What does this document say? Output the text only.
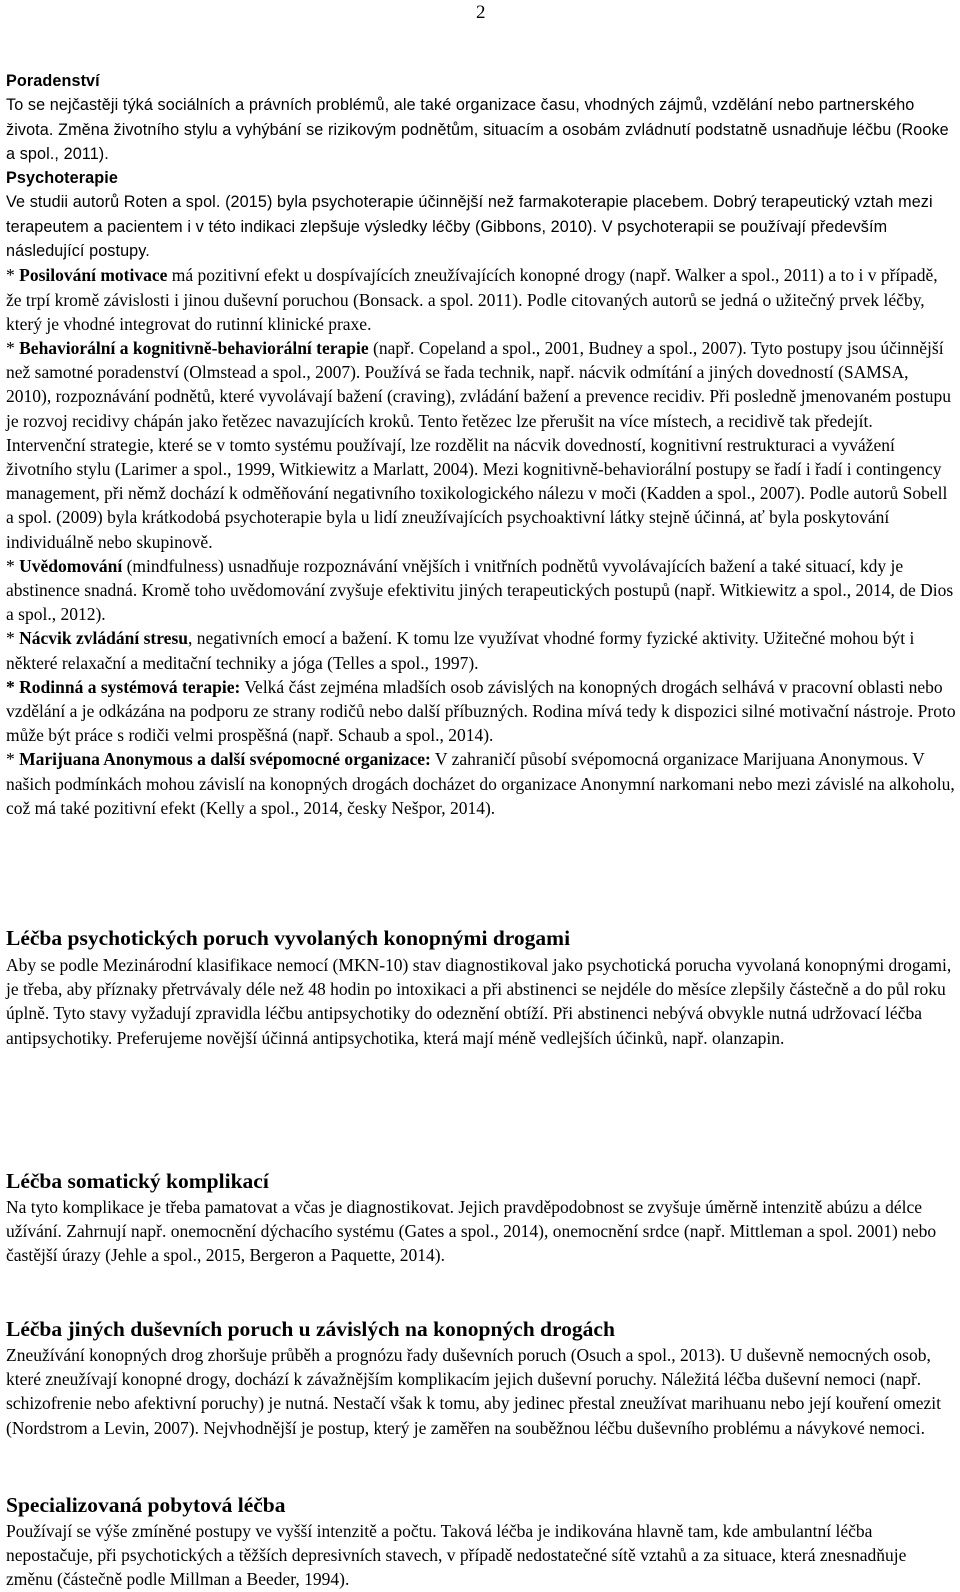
2
Poradenství

To se nejčastěji týká sociálních a právních problémů, ale také organizace času, vhodných zájmů, vzdělání nebo partnerského života. Změna životního stylu a vyhýbání se rizikovým podnětům, situacím a osobám zvládnutí podstatně usnadňuje léčbu (Rooke a spol., 2011).

Psychoterapie

Ve studii autorů Roten a spol. (2015) byla psychoterapie účinnější než farmakoterapie placebem. Dobrý terapeutický vztah mezi terapeutem a pacientem i v této indikaci zlepšuje výsledky léčby (Gibbons, 2010). V psychoterapii se používají především následující postupy.

* Posilování motivace má pozitivní efekt u dospívajících zneužívajících konopné drogy (např. Walker a spol., 2011) a to i v případě, že trpí kromě závislosti i jinou duševní poruchou (Bonsack. a spol. 2011). Podle citovaných autorů se jedná o užitečný prvek léčby, který je vhodné integrovat do rutinní klinické praxe.

* Behaviorální a kognitivně-behaviorální terapie (např. Copeland a spol., 2001, Budney a spol., 2007). Tyto postupy jsou účinnější než samotné poradenství (Olmstead a spol., 2007). Používá se řada technik, např. nácvik odmítání a jiných dovedností (SAMSA, 2010), rozpoznávání podnětů, které vyvolávají bažení (craving), zvládání bažení a prevence recidiv. Při posledně jmenovaném postupu je rozvoj recidivy chápán jako řetězec navazujících kroků. Tento řetězec lze přerušit na více místech, a recidivě tak předejít. Intervenční strategie, které se v tomto systému používají, lze rozdělit na nácvik dovedností, kognitivní restrukturaci a vyvážení životního stylu (Larimer a spol., 1999, Witkiewitz a Marlatt, 2004). Mezi kognitivně-behaviorální postupy se řadí i řadí i contingency management, při němž dochází k odměňování negativního toxikologického nálezu v moči (Kadden a spol., 2007). Podle autorů Sobell a spol. (2009) byla krátkodobá psychoterapie byla u lidí zneužívajících psychoaktivní látky stejně účinná, ať byla poskytování individuálně nebo skupinově.

* Uvědomování (mindfulness) usnadňuje rozpoznávání vnějších i vnitřních podnětů vyvolávajících bažení a také situací, kdy je abstinence snadná. Kromě toho uvědomování zvyšuje efektivitu jiných terapeutických postupů (např. Witkiewitz a spol., 2014, de Dios a spol., 2012).

* Nácvik zvládání stresu, negativních emocí a bažení. K tomu lze využívat vhodné formy fyzické aktivity. Užitečné mohou být i některé relaxační a meditační techniky a jóga (Telles a spol., 1997).

* Rodinná a systémová terapie: Velká část zejména mladších osob závislých na konopných drogách selhává v pracovní oblasti nebo vzdělání a je odkázána na podporu ze strany rodičů nebo další příbuzných. Rodina mívá tedy k dispozici silné motivační nástroje. Proto může být práce s rodiči velmi prospěšná (např. Schaub a spol., 2014).

* Marijuana Anonymous a další svépomocné organizace: V zahraničí působí svépomocná organizace Marijuana Anonymous. V našich podmínkách mohou závislí na konopných drogách docházet do organizace Anonymní narkomani nebo mezi závislé na alkoholu, což má také pozitivní efekt (Kelly a spol., 2014, česky Nešpor, 2014).

Léčba psychotických poruch vyvolaných konopnými drogami

Aby se podle Mezinárodní klasifikace nemocí (MKN-10) stav diagnostikoval jako psychotická porucha vyvolaná konopnými drogami, je třeba, aby příznaky přetrvávaly déle než 48 hodin po intoxikaci a při abstinenci se nejdéle do měsíce zlepšily částečně a do půl roku úplně. Tyto stavy vyžadují zpravidla léčbu antipsychotiky do odeznění obtíží. Při abstinenci nebývá obvykle nutná udržovací léčba antipsychotiky. Preferujeme novější účinná antipsychotika, která mají méně vedlejších účinků, např. olanzapin.

Léčba somatický komplikací

Na tyto komplikace je třeba pamatovat a včas je diagnostikovat. Jejich pravděpodobnost se zvyšuje úměrně intenzitě abúzu a délce užívání. Zahrnují např. onemocnění dýchacího systému (Gates a spol., 2014), onemocnění srdce (např. Mittleman a spol. 2001) nebo častější úrazy (Jehle a spol., 2015, Bergeron a Paquette, 2014).

Léčba jiných duševních poruch u závislých na konopných drogách

Zneužívání konopných drog zhoršuje průběh a prognózu řady duševních poruch (Osuch a spol., 2013). U duševně nemocných osob, které zneužívají konopné drogy, dochází k závažnějším komplikacím jejich duševní poruchy. Náležitá léčba duševní nemoci (např. schizofrenie nebo afektivní poruchy) je nutná. Nestačí však k tomu, aby jedinec přestal zneužívat marihuanu nebo její kouření omezit (Nordstrom a Levin, 2007). Nejvhodnější je postup, který je zaměřen na souběžnou léčbu duševního problému a návykové nemoci.

Specializovaná pobytová léčba

Používají se výše zmíněné postupy ve vyšší intenzitě a počtu. Taková léčba je indikována hlavně tam, kde ambulantní léčba nepostačuje, při psychotických a těžších depresivních stavech, v případě nedostatečné sítě vztahů a za situace, která znesnadňuje změnu (částečně podle Millman a Beeder, 1994).
